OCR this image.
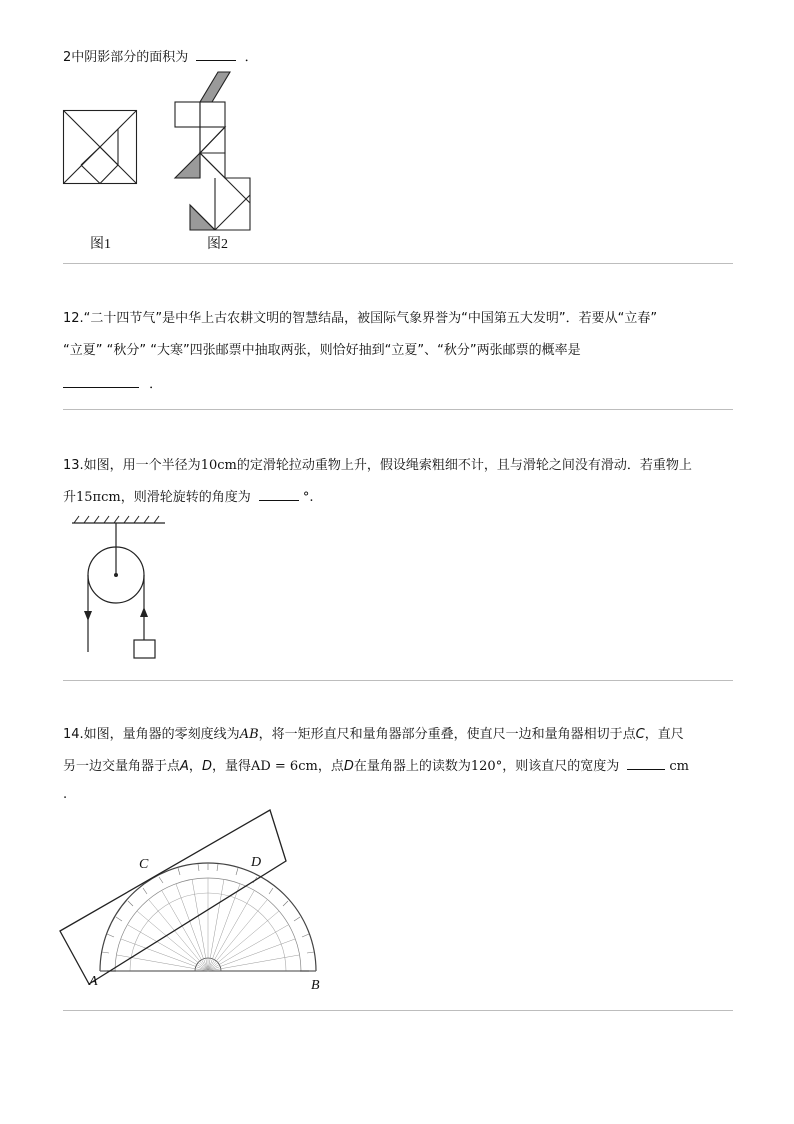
2中阴影部分的面积为	．
图1	图2
12.“二十四节气”是中华上古农耕文明的智慧结晶，被国际气象界誉为“中国第五大发明”．若要从“立春”
“立夏” “秋分” “大寒”四张邮票中抽取两张，则恰好抽到“立夏”、“秋分”两张邮票的概率是
．
13.如图，用一个半径为10cm的定滑轮拉动重物上升，假设绳索粗细不计，且与滑轮之间没有滑动．若重物上
升15πcm，则滑轮旋转的角度为	°.
14.如图，量角器的零刻度线为AB，将一矩形直尺和量角器部分重叠，使直尺一边和量角器相切于点C，直尺
另一边交量角器于点A，D，量得AD = 6cm，点D在量角器上的读数为120°，则该直尺的宽度为	cm
.
A	B
C	D
